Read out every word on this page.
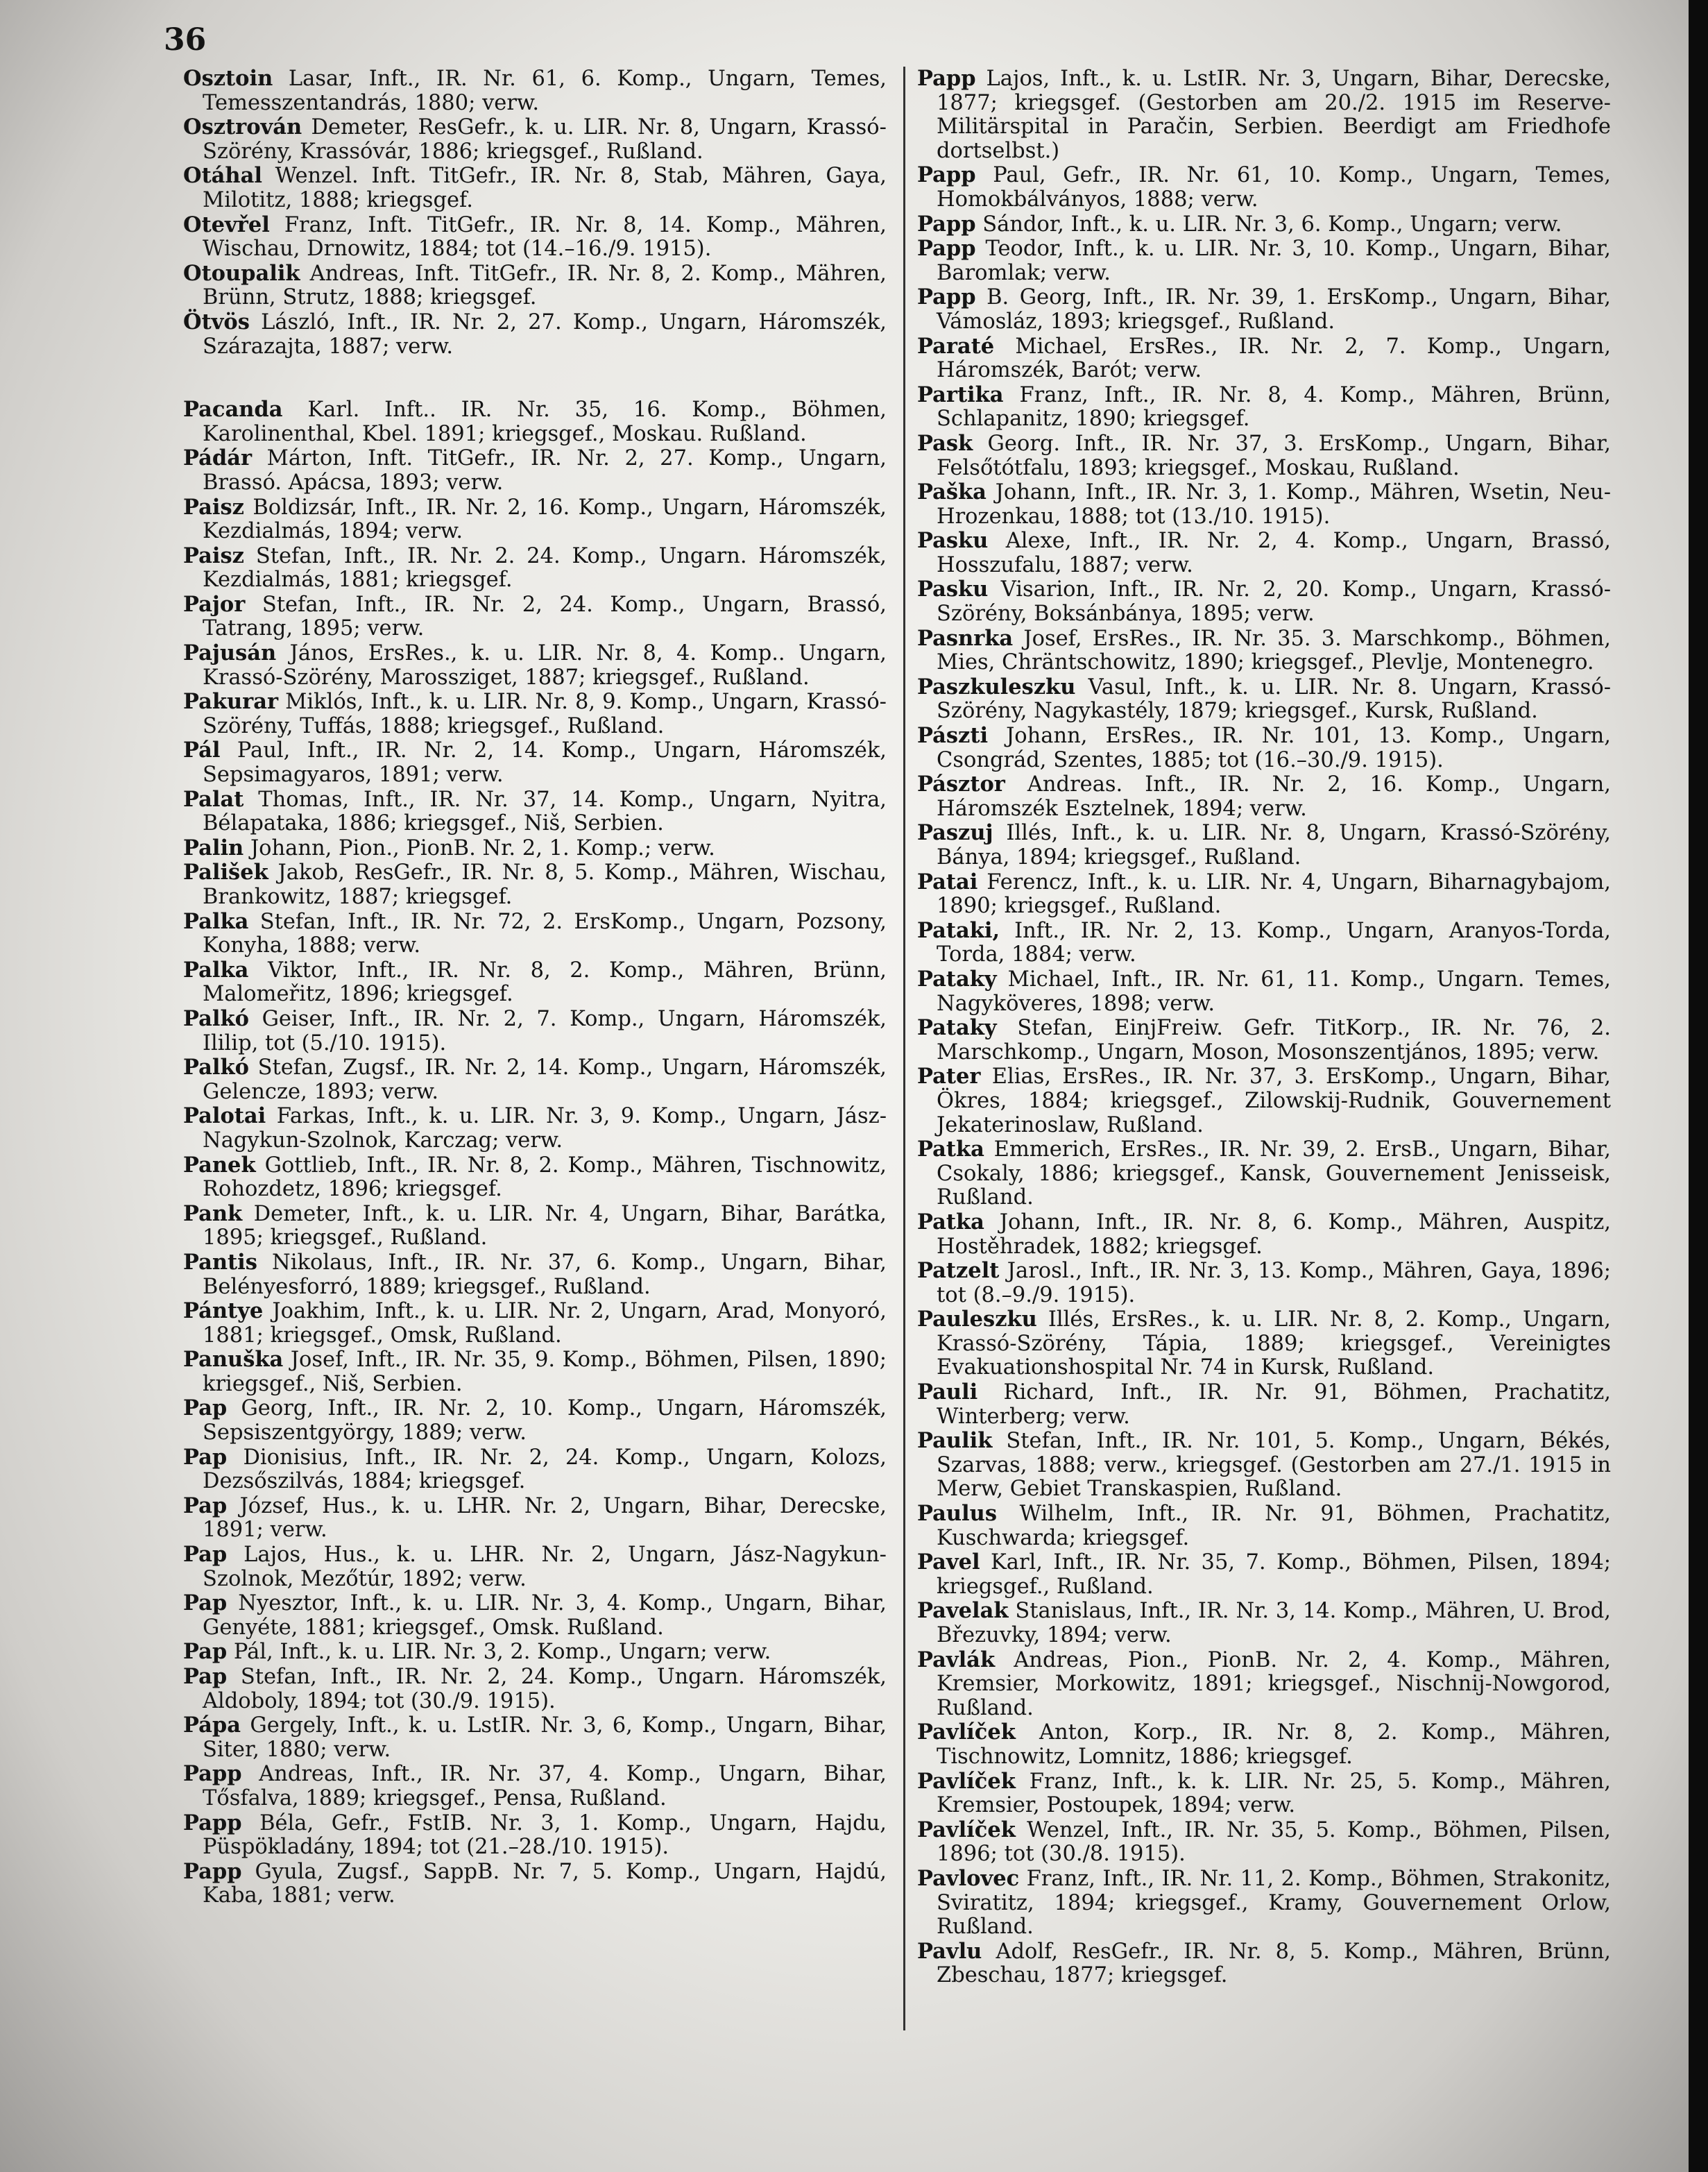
36

Osztoin Lasar, Inft., IR. Nr. 61, 6. Komp., Ungarn, Temes, Temesszentandrás, 1880; verw.

Osztrován Demeter, ResGefr., k. u. LIR. Nr. 8, Ungarn, Krassó-Szörény, Krassóvár, 1886; kriegsgef., Rußland.

Otáhal Wenzel. Inft. TitGefr., IR. Nr. 8, Stab, Mähren, Gaya, Milotitz, 1888; kriegsgef.

Otevřel Franz, Inft. TitGefr., IR. Nr. 8, 14. Komp., Mähren, Wischau, Drnowitz, 1884; tot (14.–16./9. 1915).

Otoupalik Andreas, Inft. TitGefr., IR. Nr. 8, 2. Komp., Mähren, Brünn, Strutz, 1888; kriegsgef.

Ötvös László, Inft., IR. Nr. 2, 27. Komp., Ungarn, Háromszék, Szárazajta, 1887; verw.

Pacanda Karl. Inft.. IR. Nr. 35, 16. Komp., Böhmen, Karolinenthal, Kbel. 1891; kriegsgef., Moskau. Rußland.

Pádár Márton, Inft. TitGefr., IR. Nr. 2, 27. Komp., Ungarn, Brassó. Apácsa, 1893; verw.

Paisz Boldizsár, Inft., IR. Nr. 2, 16. Komp., Ungarn, Háromszék, Kezdialmás, 1894; verw.

Paisz Stefan, Inft., IR. Nr. 2. 24. Komp., Ungarn. Háromszék, Kezdialmás, 1881; kriegsgef.

Pajor Stefan, Inft., IR. Nr. 2, 24. Komp., Ungarn, Brassó, Tatrang, 1895; verw.

Pajusán János, ErsRes., k. u. LIR. Nr. 8, 4. Komp.. Ungarn, Krassó-Szörény, Marossziget, 1887; kriegsgef., Rußland.

Pakurar Miklós, Inft., k. u. LIR. Nr. 8, 9. Komp., Ungarn, Krassó-Szörény, Tuffás, 1888; kriegsgef., Rußland.

Pál Paul, Inft., IR. Nr. 2, 14. Komp., Ungarn, Háromszék, Sepsimagyaros, 1891; verw.

Palat Thomas, Inft., IR. Nr. 37, 14. Komp., Ungarn, Nyitra, Bélapataka, 1886; kriegsgef., Niš, Serbien.

Palin Johann, Pion., PionB. Nr. 2, 1. Komp.; verw.

Pališek Jakob, ResGefr., IR. Nr. 8, 5. Komp., Mähren, Wischau, Brankowitz, 1887; kriegsgef.

Palka Stefan, Inft., IR. Nr. 72, 2. ErsKomp., Ungarn, Pozsony, Konyha, 1888; verw.

Palka Viktor, Inft., IR. Nr. 8, 2. Komp., Mähren, Brünn, Malomeřitz, 1896; kriegsgef.

Palkó Geiser, Inft., IR. Nr. 2, 7. Komp., Ungarn, Háromszék, Ililip, tot (5./10. 1915).

Palkó Stefan, Zugsf., IR. Nr. 2, 14. Komp., Ungarn, Háromszék, Gelencze, 1893; verw.

Palotai Farkas, Inft., k. u. LIR. Nr. 3, 9. Komp., Ungarn, Jász-Nagykun-Szolnok, Karczag; verw.

Panek Gottlieb, Inft., IR. Nr. 8, 2. Komp., Mähren, Tischnowitz, Rohozdetz, 1896; kriegsgef.

Pank Demeter, Inft., k. u. LIR. Nr. 4, Ungarn, Bihar, Barátka, 1895; kriegsgef., Rußland.

Pantis Nikolaus, Inft., IR. Nr. 37, 6. Komp., Ungarn, Bihar, Belényesforró, 1889; kriegsgef., Rußland.

Pántye Joakhim, Inft., k. u. LIR. Nr. 2, Ungarn, Arad, Monyoró, 1881; kriegsgef., Omsk, Rußland.

Panuška Josef, Inft., IR. Nr. 35, 9. Komp., Böhmen, Pilsen, 1890; kriegsgef., Niš, Serbien.

Pap Georg, Inft., IR. Nr. 2, 10. Komp., Ungarn, Háromszék, Sepsiszentgyörgy, 1889; verw.

Pap Dionisius, Inft., IR. Nr. 2, 24. Komp., Ungarn, Kolozs, Dezsőszilvás, 1884; kriegsgef.

Pap József, Hus., k. u. LHR. Nr. 2, Ungarn, Bihar, Derecske, 1891; verw.

Pap Lajos, Hus., k. u. LHR. Nr. 2, Ungarn, Jász-Nagykun-Szolnok, Mezőtúr, 1892; verw.

Pap Nyesztor, Inft., k. u. LIR. Nr. 3, 4. Komp., Ungarn, Bihar, Genyéte, 1881; kriegsgef., Omsk. Rußland.

Pap Pál, Inft., k. u. LIR. Nr. 3, 2. Komp., Ungarn; verw.

Pap Stefan, Inft., IR. Nr. 2, 24. Komp., Ungarn. Háromszék, Aldoboly, 1894; tot (30./9. 1915).

Pápa Gergely, Inft., k. u. LstIR. Nr. 3, 6, Komp., Ungarn, Bihar, Siter, 1880; verw.

Papp Andreas, Inft., IR. Nr. 37, 4. Komp., Ungarn, Bihar, Tősfalva, 1889; kriegsgef., Pensa, Rußland.

Papp Béla, Gefr., FstIB. Nr. 3, 1. Komp., Ungarn, Hajdu, Püspökladány, 1894; tot (21.–28./10. 1915).

Papp Gyula, Zugsf., SappB. Nr. 7, 5. Komp., Ungarn, Hajdú, Kaba, 1881; verw.

Papp Lajos, Inft., k. u. LstIR. Nr. 3, Ungarn, Bihar, Derecske, 1877; kriegsgef. (Gestorben am 20./2. 1915 im Reserve-Militärspital in Paračin, Serbien. Beerdigt am Friedhofe dortselbst.)

Papp Paul, Gefr., IR. Nr. 61, 10. Komp., Ungarn, Temes, Homokbálványos, 1888; verw.

Papp Sándor, Inft., k. u. LIR. Nr. 3, 6. Komp., Ungarn; verw.

Papp Teodor, Inft., k. u. LIR. Nr. 3, 10. Komp., Ungarn, Bihar, Baromlak; verw.

Papp B. Georg, Inft., IR. Nr. 39, 1. ErsKomp., Ungarn, Bihar, Vámosláz, 1893; kriegsgef., Rußland.

Paraté Michael, ErsRes., IR. Nr. 2, 7. Komp., Ungarn, Háromszék, Barót; verw.

Partika Franz, Inft., IR. Nr. 8, 4. Komp., Mähren, Brünn, Schlapanitz, 1890; kriegsgef.

Pask Georg. Inft., IR. Nr. 37, 3. ErsKomp., Ungarn, Bihar, Felsőtótfalu, 1893; kriegsgef., Moskau, Rußland.

Paška Johann, Inft., IR. Nr. 3, 1. Komp., Mähren, Wsetin, Neu-Hrozenkau, 1888; tot (13./10. 1915).

Pasku Alexe, Inft., IR. Nr. 2, 4. Komp., Ungarn, Brassó, Hosszufalu, 1887; verw.

Pasku Visarion, Inft., IR. Nr. 2, 20. Komp., Ungarn, Krassó-Szörény, Boksánbánya, 1895; verw.

Pasnrka Josef, ErsRes., IR. Nr. 35. 3. Marschkomp., Böhmen, Mies, Chräntschowitz, 1890; kriegsgef., Plevlje, Montenegro.

Paszkuleszku Vasul, Inft., k. u. LIR. Nr. 8. Ungarn, Krassó-Szörény, Nagykastély, 1879; kriegsgef., Kursk, Rußland.

Pászti Johann, ErsRes., IR. Nr. 101, 13. Komp., Ungarn, Csongrád, Szentes, 1885; tot (16.–30./9. 1915).

Pásztor Andreas. Inft., IR. Nr. 2, 16. Komp., Ungarn, Háromszék Esztelnek, 1894; verw.

Paszuj Illés, Inft., k. u. LIR. Nr. 8, Ungarn, Krassó-Szörény, Bánya, 1894; kriegsgef., Rußland.

Patai Ferencz, Inft., k. u. LIR. Nr. 4, Ungarn, Biharnagybajom, 1890; kriegsgef., Rußland.

Pataki, Inft., IR. Nr. 2, 13. Komp., Ungarn, Aranyos-Torda, Torda, 1884; verw.

Pataky Michael, Inft., IR. Nr. 61, 11. Komp., Ungarn. Temes, Nagyköveres, 1898; verw.

Pataky Stefan, EinjFreiw. Gefr. TitKorp., IR. Nr. 76, 2. Marschkomp., Ungarn, Moson, Mosonszentjános, 1895; verw.

Pater Elias, ErsRes., IR. Nr. 37, 3. ErsKomp., Ungarn, Bihar, Ökres, 1884; kriegsgef., Zilowskij-Rudnik, Gouvernement Jekaterinoslaw, Rußland.

Patka Emmerich, ErsRes., IR. Nr. 39, 2. ErsB., Ungarn, Bihar, Csokaly, 1886; kriegsgef., Kansk, Gouvernement Jenisseisk, Rußland.

Patka Johann, Inft., IR. Nr. 8, 6. Komp., Mähren, Auspitz, Hostěhradek, 1882; kriegsgef.

Patzelt Jarosl., Inft., IR. Nr. 3, 13. Komp., Mähren, Gaya, 1896; tot (8.–9./9. 1915).

Pauleszku Illés, ErsRes., k. u. LIR. Nr. 8, 2. Komp., Ungarn, Krassó-Szörény, Tápia, 1889; kriegsgef., Vereinigtes Evakuationshospital Nr. 74 in Kursk, Rußland.

Pauli Richard, Inft., IR. Nr. 91, Böhmen, Prachatitz, Winterberg; verw.

Paulik Stefan, Inft., IR. Nr. 101, 5. Komp., Ungarn, Békés, Szarvas, 1888; verw., kriegsgef. (Gestorben am 27./1. 1915 in Merw, Gebiet Transkaspien, Rußland.

Paulus Wilhelm, Inft., IR. Nr. 91, Böhmen, Prachatitz, Kuschwarda; kriegsgef.

Pavel Karl, Inft., IR. Nr. 35, 7. Komp., Böhmen, Pilsen, 1894; kriegsgef., Rußland.

Pavelak Stanislaus, Inft., IR. Nr. 3, 14. Komp., Mähren, U. Brod, Březuvky, 1894; verw.

Pavlák Andreas, Pion., PionB. Nr. 2, 4. Komp., Mähren, Kremsier, Morkowitz, 1891; kriegsgef., Nischnij-Nowgorod, Rußland.

Pavlíček Anton, Korp., IR. Nr. 8, 2. Komp., Mähren, Tischnowitz, Lomnitz, 1886; kriegsgef.

Pavlíček Franz, Inft., k. k. LIR. Nr. 25, 5. Komp., Mähren, Kremsier, Postoupek, 1894; verw.

Pavlíček Wenzel, Inft., IR. Nr. 35, 5. Komp., Böhmen, Pilsen, 1896; tot (30./8. 1915).

Pavlovec Franz, Inft., IR. Nr. 11, 2. Komp., Böhmen, Strakonitz, Sviratitz, 1894; kriegsgef., Kramy, Gouvernement Orlow, Rußland.

Pavlu Adolf, ResGefr., IR. Nr. 8, 5. Komp., Mähren, Brünn, Zbeschau, 1877; kriegsgef.
